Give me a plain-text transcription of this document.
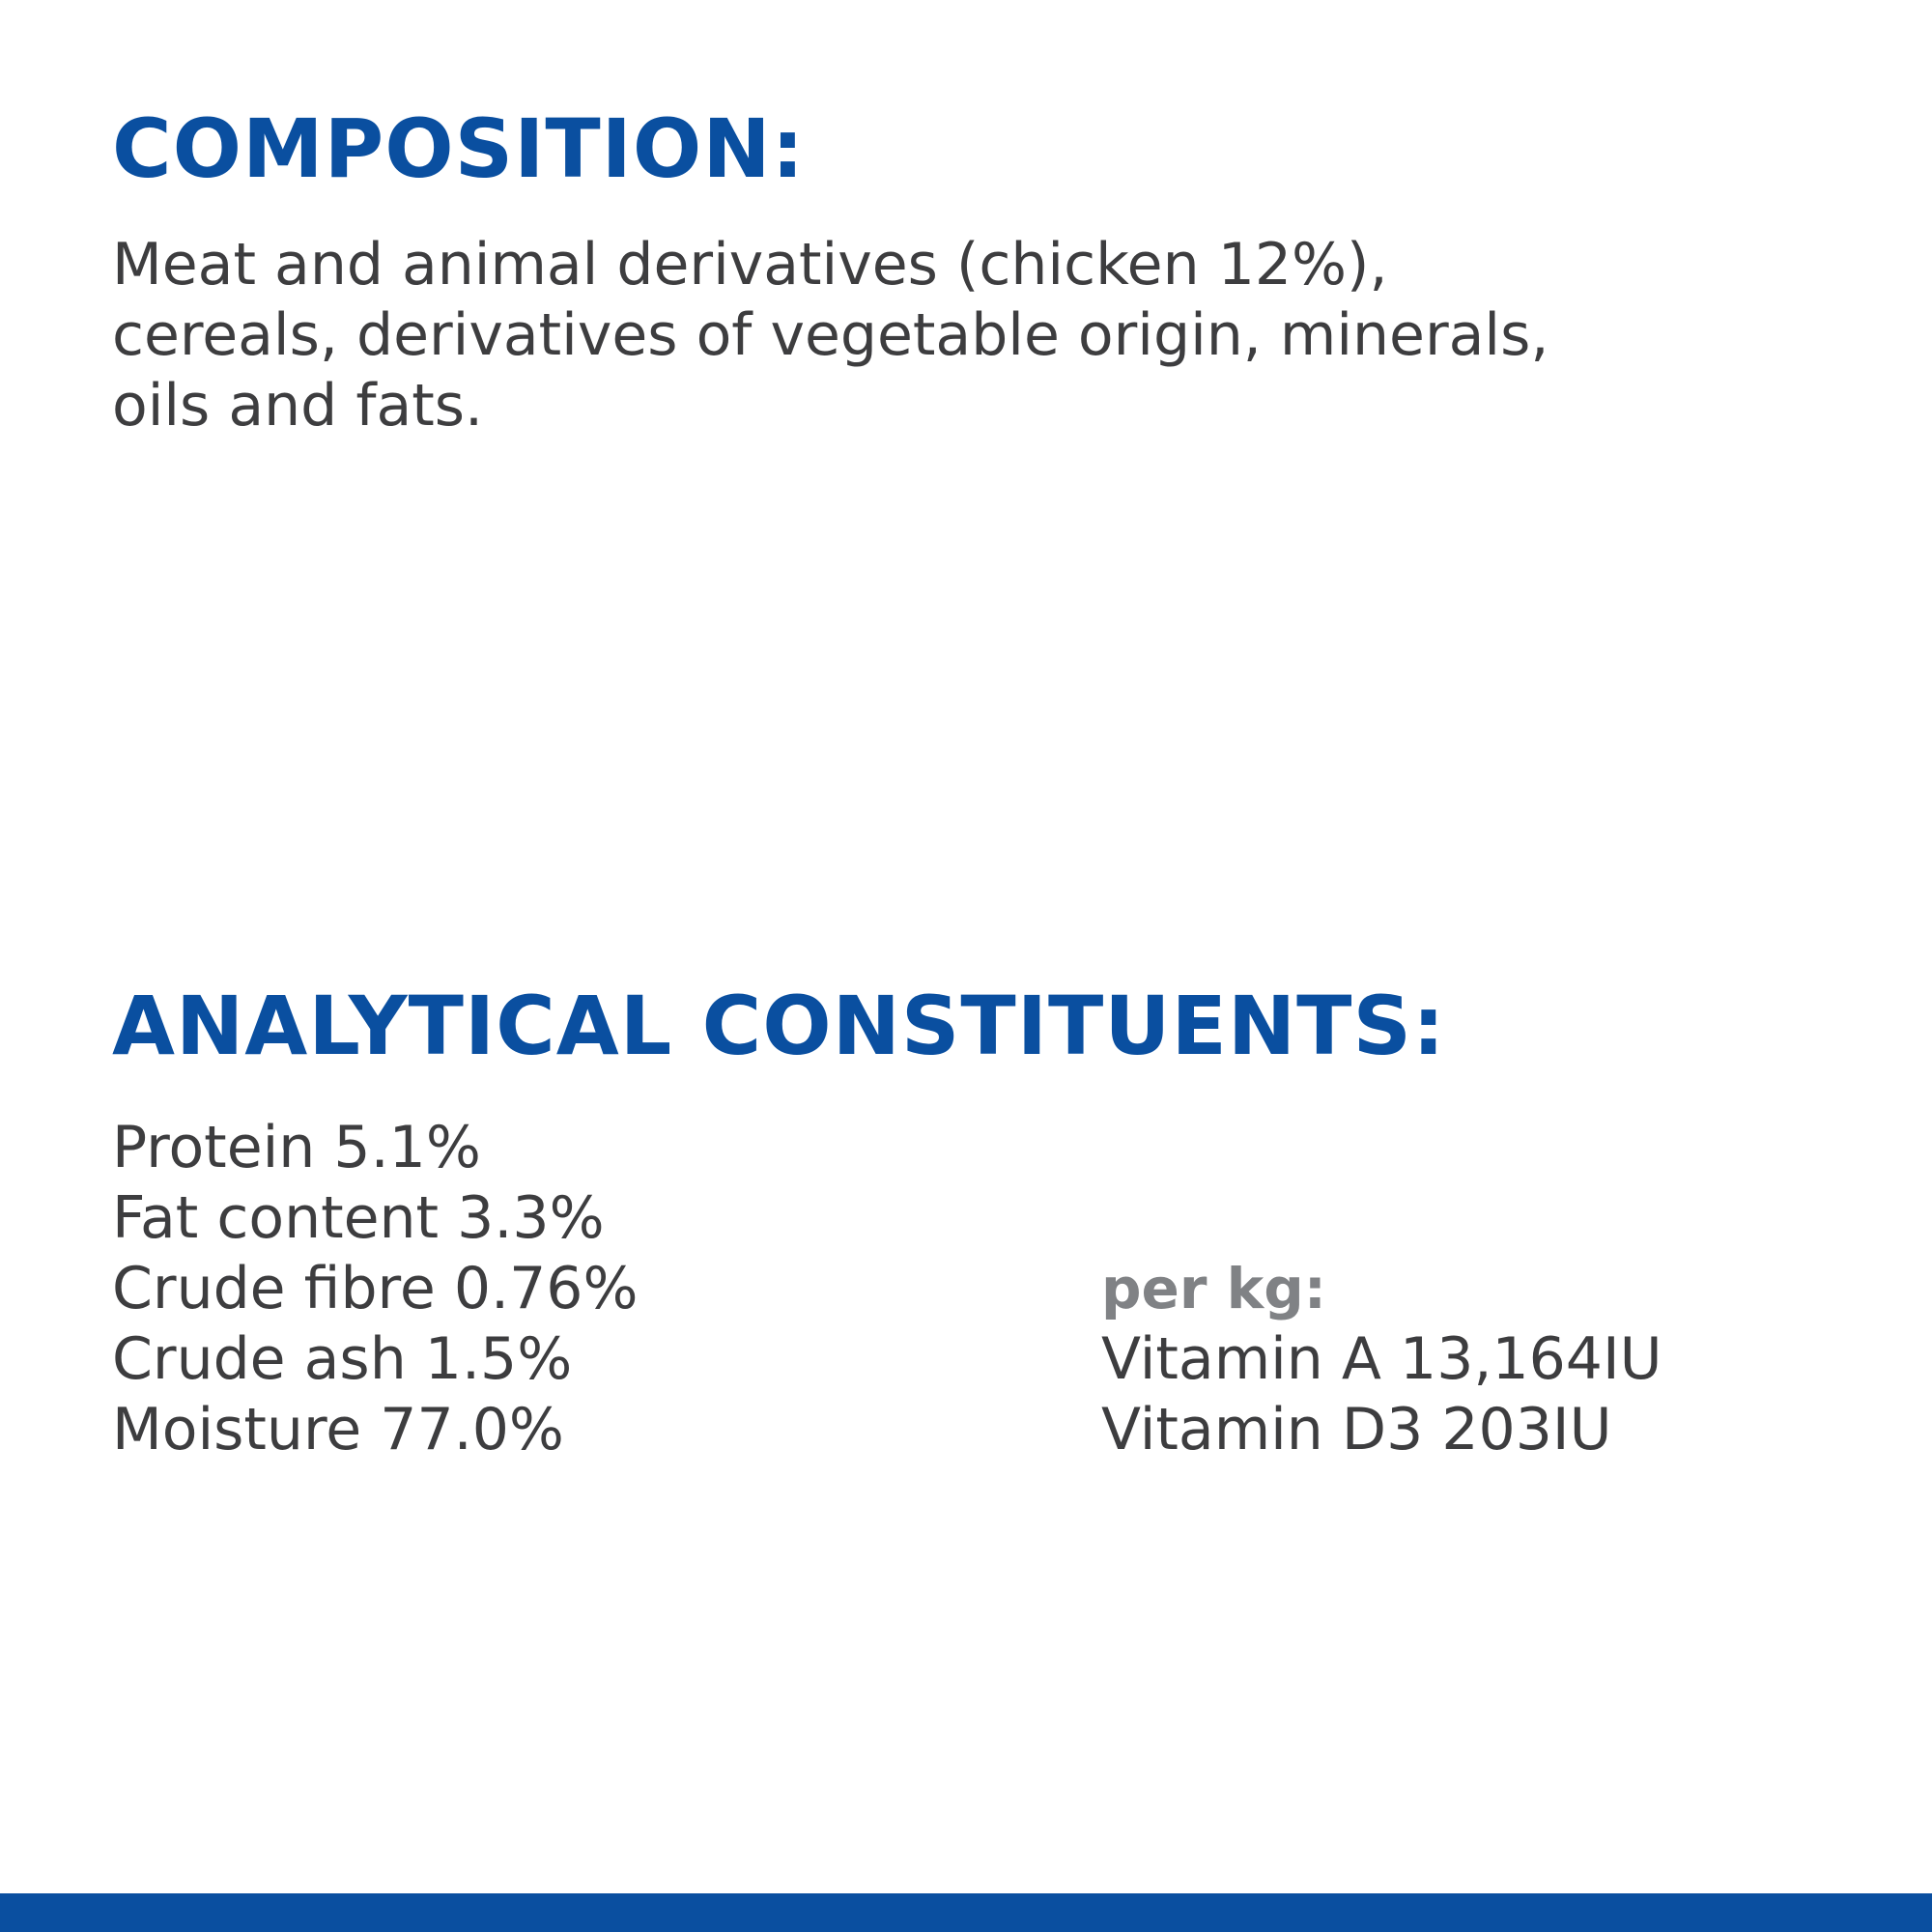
COMPOSITION:

Meat and animal derivatives (chicken 12%),
cereals, derivatives of vegetable origin, minerals,
oils and fats.

ANALYTICAL CONSTITUENTS:
Protein 5.1%
Fat content 3.3%
Crude fibre 0.76%
Crude ash 1.5%
Moisture 77.0%
per kg:
Vitamin A 13,164IU
Vitamin D3 203IU
